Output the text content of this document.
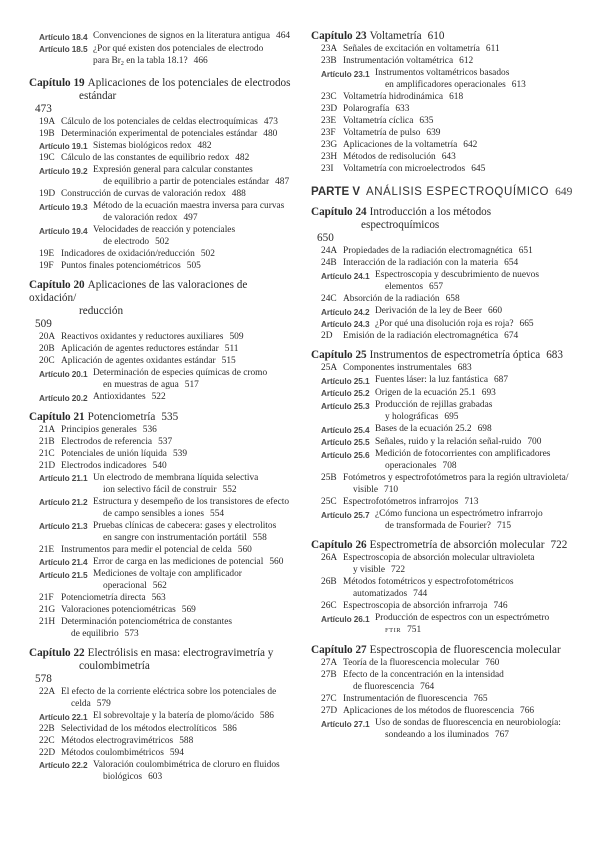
Artículo 18.4 Convenciones de signos en la literatura antigua 464
Artículo 18.5 ¿Por qué existen dos potenciales de electrodo
para $Br_2$ en la tabla 18.1? 466
Capítulo 19 Aplicaciones de los potenciales de electrodos
estándar
473
19A Cálculo de los potenciales de celdas electroquímicas 473
19B Determinación experimental de potenciales estándar 480
Artículo 19.1 Sistemas biológicos redox 482
19C Cálculo de las constantes de equilibrio redox 482
Artículo 19.2 Expresión general para calcular constantes
de equilibrio a partir de potenciales estándar 487
19D Construcción de curvas de valoración redox 488
Artículo 19.3 Método de la ecuación maestra inversa para curvas
de valoración redox 497
Artículo 19.4 Velocidades de reacción y potenciales
de electrodo 502
19E Indicadores de oxidación/reducción 502
19F Puntos finales potenciométricos 505
Capítulo 20 Aplicaciones de las valoraciones de oxidación/
reducción
509
20A Reactivos oxidantes y reductores auxiliares 509
20B Aplicación de agentes reductores estándar 511
20C Aplicación de agentes oxidantes estándar 515
Artículo 20.1 Determinación de especies químicas de cromo
en muestras de agua 517
Artículo 20.2 Antioxidantes 522
Capítulo 21 Potenciometría 535
21A Principios generales 536
21B Electrodos de referencia 537
21C Potenciales de unión líquida 539
21D Electrodos indicadores 540
Artículo 21.1 Un electrodo de membrana líquida selectiva
ion selectivo fácil de construir 552
Artículo 21.2 Estructura y desempeño de los transistores de efecto
de campo sensibles a iones 554
Artículo 21.3 Pruebas clínicas de cabecera: gases y electrolitos
en sangre con instrumentación portátil 558
21E Instrumentos para medir el potencial de celda 560
Artículo 21.4 Error de carga en las mediciones de potencial 560
Artículo 21.5 Mediciones de voltaje con amplificador
operacional 562
21F Potenciometría directa 563
21G Valoraciones potenciométricas 569
21H Determinación potenciométrica de constantes
de equilibrio 573
Capítulo 22 Electrólisis en masa: electrogravimetría y
coulombimetría
578
22A El efecto de la corriente eléctrica sobre los potenciales de
celda 579
Artículo 22.1 El sobrevoltaje y la batería de plomo/ácido 586
22B Selectividad de los métodos electrolíticos 586
22C Métodos electrogravimétricos 588
22D Métodos coulombimétricos 594
Artículo 22.2 Valoración coulombimétrica de cloruro en fluidos
biológicos 603
Capítulo 23 Voltametría 610
23A Señales de excitación en voltametría 611
23B Instrumentación voltamétrica 612
Artículo 23.1 Instrumentos voltamétricos basados
en amplificadores operacionales 613
23C Voltametría hidrodinámica 618
23D Polarografía 633
23E Voltametría cíclica 635
23F Voltametría de pulso 639
23G Aplicaciones de la voltametría 642
23H Métodos de redisolución 643
23I	Voltametría con microelectrodos 645
PARTE V ANÁLISIS ESPECTROQUÍMICO 649
Capítulo 24 Introducción a los métodos
espectroquímicos
650
24A Propiedades de la radiación electromagnética 651
24B Interacción de la radiación con la materia 654
Artículo 24.1 Espectroscopia y descubrimiento de nuevos
elementos 657
24C Absorción de la radiación 658
Artículo 24.2 Derivación de la ley de Beer 660
Artículo 24.3 ¿Por qué una disolución roja es roja? 665
2D	Emisión de la radiación electromagnética 674
Capítulo 25 Instrumentos de espectrometría óptica 683
25A Componentes instrumentales 683
Artículo 25.1 Fuentes láser: la luz fantástica 687
Artículo 25.2 Origen de la ecuación 25.1 693
Artículo 25.3 Producción de rejillas grabadas
y holográficas 695
Artículo 25.4 Bases de la ecuación 25.2 698
Artículo 25.5 Señales, ruido y la relación señal-ruido 700
Artículo 25.6 Medición de fotocorrientes con amplificadores
operacionales 708
25B Fotómetros y espectrofotómetros para la región ultravioleta/
visible 710
25C Espectrofotómetros infrarrojos 713
Artículo 25.7 ¿Cómo funciona un espectrómetro infrarrojo
de transformada de Fourier? 715
Capítulo 26 Espectrometría de absorción molecular 722
26A Espectroscopia de absorción molecular ultravioleta
y visible 722
26B Métodos fotométricos y espectrofotométricos
automatizados 744
26C Espectroscopia de absorción infrarroja 746
Artículo 26.1 Producción de espectros con un espectrómetro
FTIR 751
Capítulo 27 Espectroscopia de fluorescencia molecular
27A Teoría de la fluorescencia molecular 760
27B Efecto de la concentración en la intensidad
de fluorescencia 764
27C Instrumentación de fluorescencia 765
27D Aplicaciones de los métodos de fluorescencia 766
Artículo 27.1 Uso de sondas de fluorescencia en neurobiología:
sondeando a los iluminados 767
